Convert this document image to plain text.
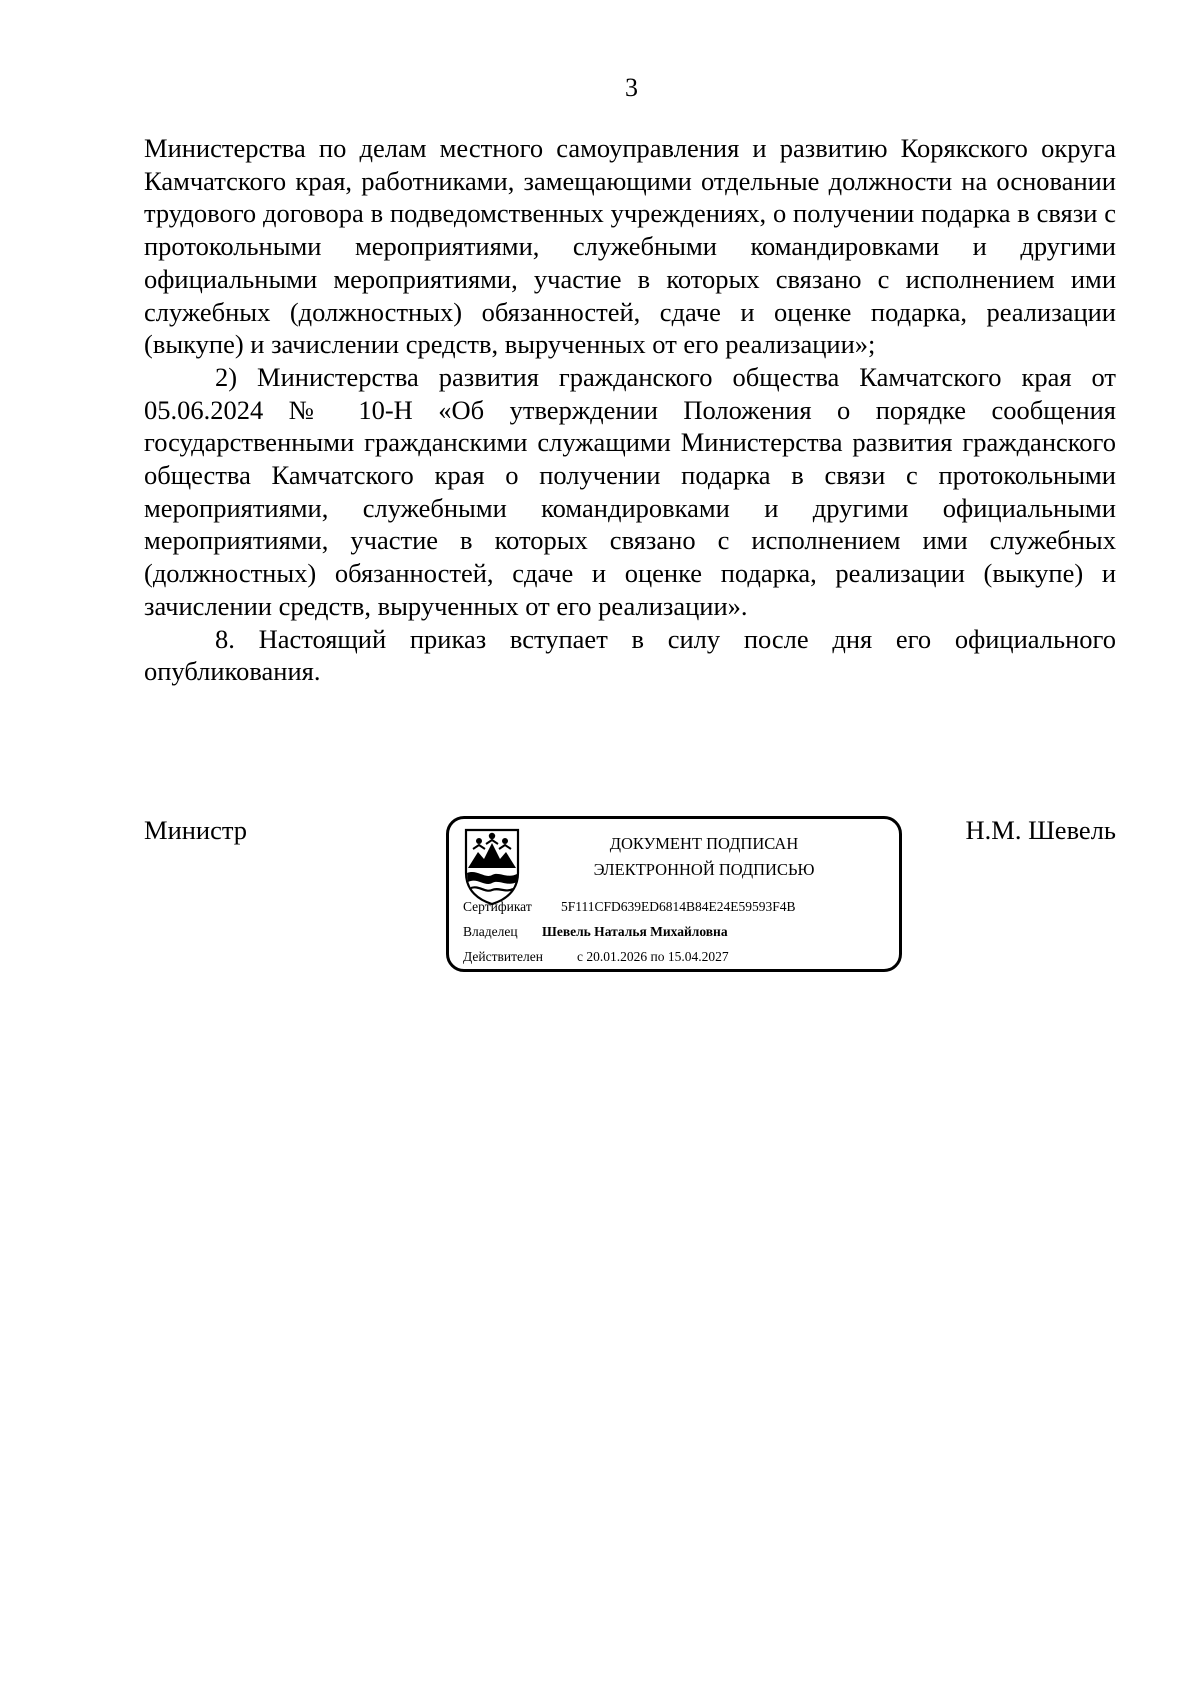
3

Министерства по делам местного самоуправления и развитию Корякского округа Камчатского края, работниками, замещающими отдельные должности на основании трудового договора в подведомственных учреждениях, о получении подарка в связи с протокольными мероприятиями, служебными командировками и другими официальными мероприятиями, участие в которых связано с исполнением ими служебных (должностных) обязанностей, сдаче и оценке подарка, реализации (выкупе) и зачислении средств, вырученных от его реализации»;

2) Министерства развития гражданского общества Камчатского края от 05.06.2024 № 10-Н «Об утверждении Положения о порядке сообщения государственными гражданскими служащими Министерства развития гражданского общества Камчатского края о получении подарка в связи с протокольными мероприятиями, служебными командировками и другими официальными мероприятиями, участие в которых связано с исполнением ими служебных (должностных) обязанностей, сдаче и оценке подарка, реализации (выкупе) и зачислении средств, вырученных от его реализации».

8. Настоящий приказ вступает в силу после дня его официального опубликования.

Министр	ДОКУМЕНТ ПОДПИСАН
ЭЛЕКТРОННОЙ ПОДПИСЬЮ
Сертификат 5F111CFD639ED6814B84E24E59593F4B
Владелец Шевель Наталья Михайловна
Действителен	с 20.01.2026 по 15.04.2027
Н.М. Шевель
